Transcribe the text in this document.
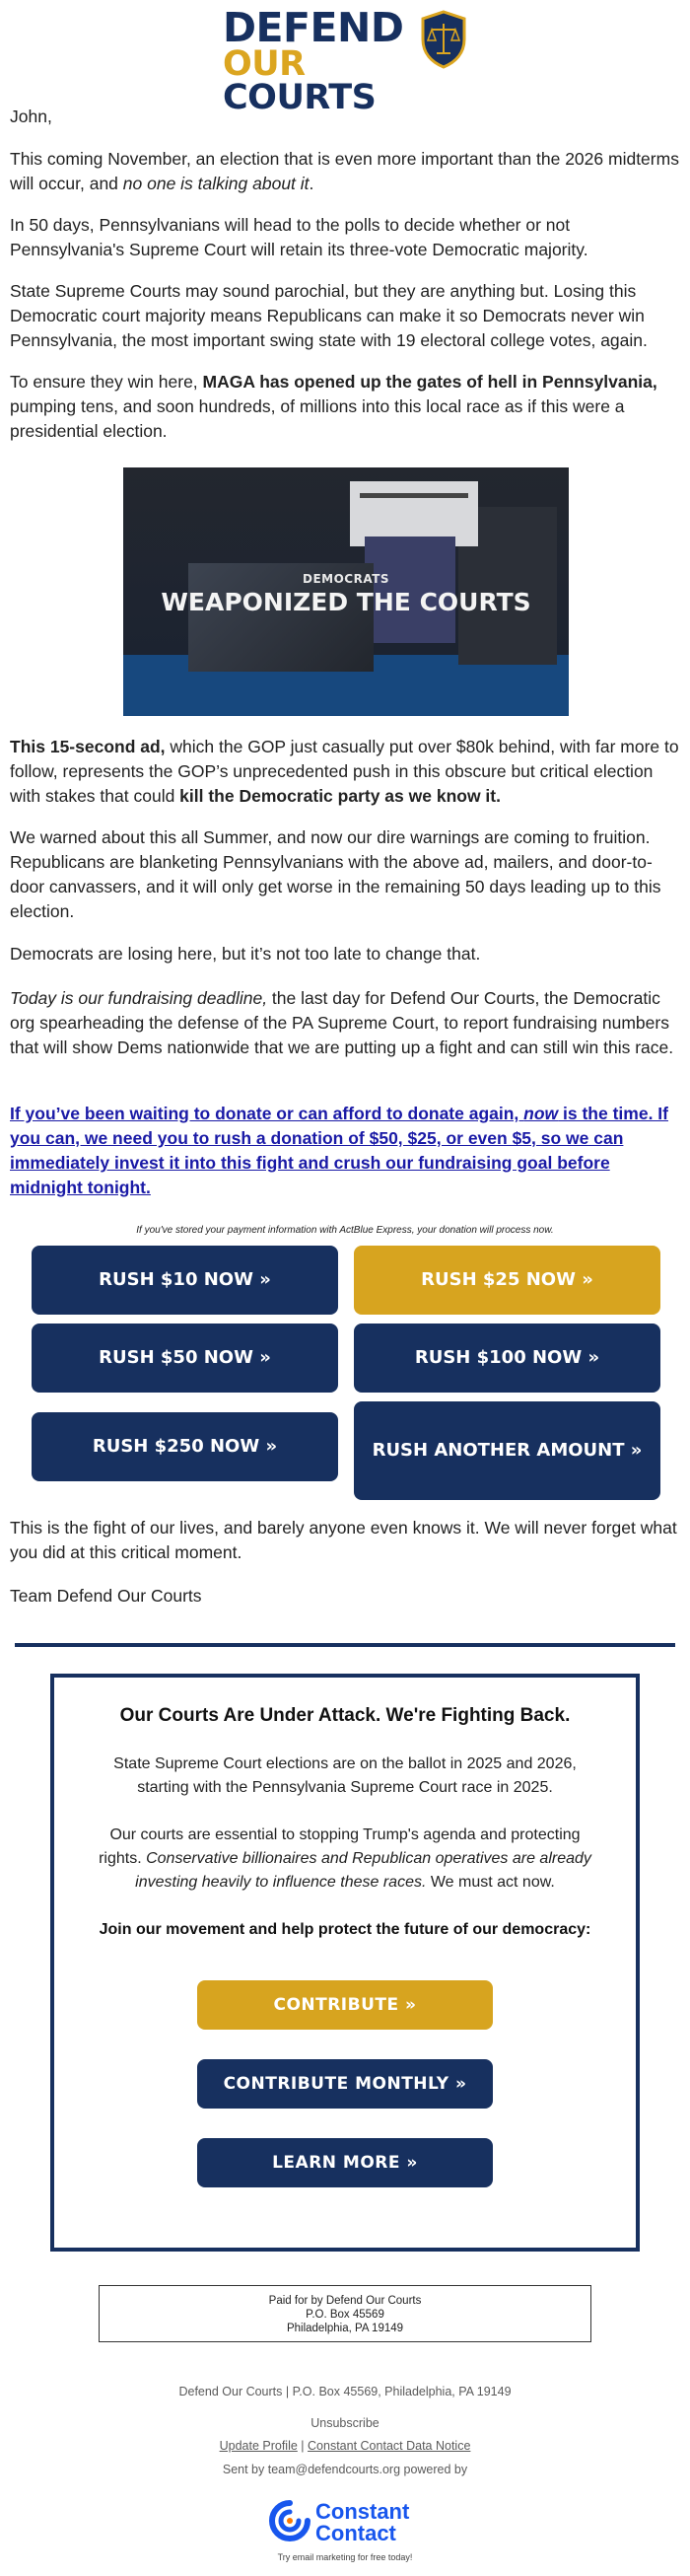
DEFEND
OUR COURTS

John,

This coming November, an election that is even more important than the 2026 midterms will occur, and no one is talking about it.

In 50 days, Pennsylvanians will head to the polls to decide whether or not Pennsylvania's Supreme Court will retain its three-vote Democratic majority.

State Supreme Courts may sound parochial, but they are anything but. Losing this Democratic court majority means Republicans can make it so Democrats never win Pennsylvania, the most important swing state with 19 electoral college votes, again.

To ensure they win here, MAGA has opened up the gates of hell in Pennsylvania, pumping tens, and soon hundreds, of millions into this local race as if this were a presidential election.

DEMOCRATS
WEAPONIZED THE COURTS

This 15-second ad, which the GOP just casually put over $80k behind, with far more to follow, represents the GOP’s unprecedented push in this obscure but critical election with stakes that could kill the Democratic party as we know it.

We warned about this all Summer, and now our dire warnings are coming to fruition. Republicans are blanketing Pennsylvanians with the above ad, mailers, and door-to-door canvassers, and it will only get worse in the remaining 50 days leading up to this election.

Democrats are losing here, but it’s not too late to change that.

Today is our fundraising deadline, the last day for Defend Our Courts, the Democratic org spearheading the defense of the PA Supreme Court, to report fundraising numbers that will show Dems nationwide that we are putting up a fight and can still win this race.

If you’ve been waiting to donate or can afford to donate again, now is the time. If you can, we need you to rush a donation of $50, $25, or even $5, so we can immediately invest it into this fight and crush our fundraising goal before midnight tonight.

If you've stored your payment information with ActBlue Express, your donation will process now.
RUSH $10 NOW »	RUSH $25 NOW »
RUSH $50 NOW »	RUSH $100 NOW »
RUSH $250 NOW »	RUSH ANOTHER AMOUNT »

This is the fight of our lives, and barely anyone even knows it. We will never forget what you did at this critical moment.

Team Defend Our Courts

Our Courts Are Under Attack. We're Fighting Back.

State Supreme Court elections are on the ballot in 2025 and 2026, starting with the Pennsylvania Supreme Court race in 2025.

Our courts are essential to stopping Trump's agenda and protecting rights. Conservative billionaires and Republican operatives are already investing heavily to influence these races. We must act now.

Join our movement and help protect the future of our democracy:

CONTRIBUTE »
CONTRIBUTE MONTHLY »
LEARN MORE »
Paid for by Defend Our Courts
P.O. Box 45569
Philadelphia, PA 19149
Defend Our Courts | P.O. Box 45569, Philadelphia, PA 19149
Unsubscribe
Update Profile | Constant Contact Data Notice
Sent by team@defendcourts.org powered by
Constant
Contact
Try email marketing for free today!
